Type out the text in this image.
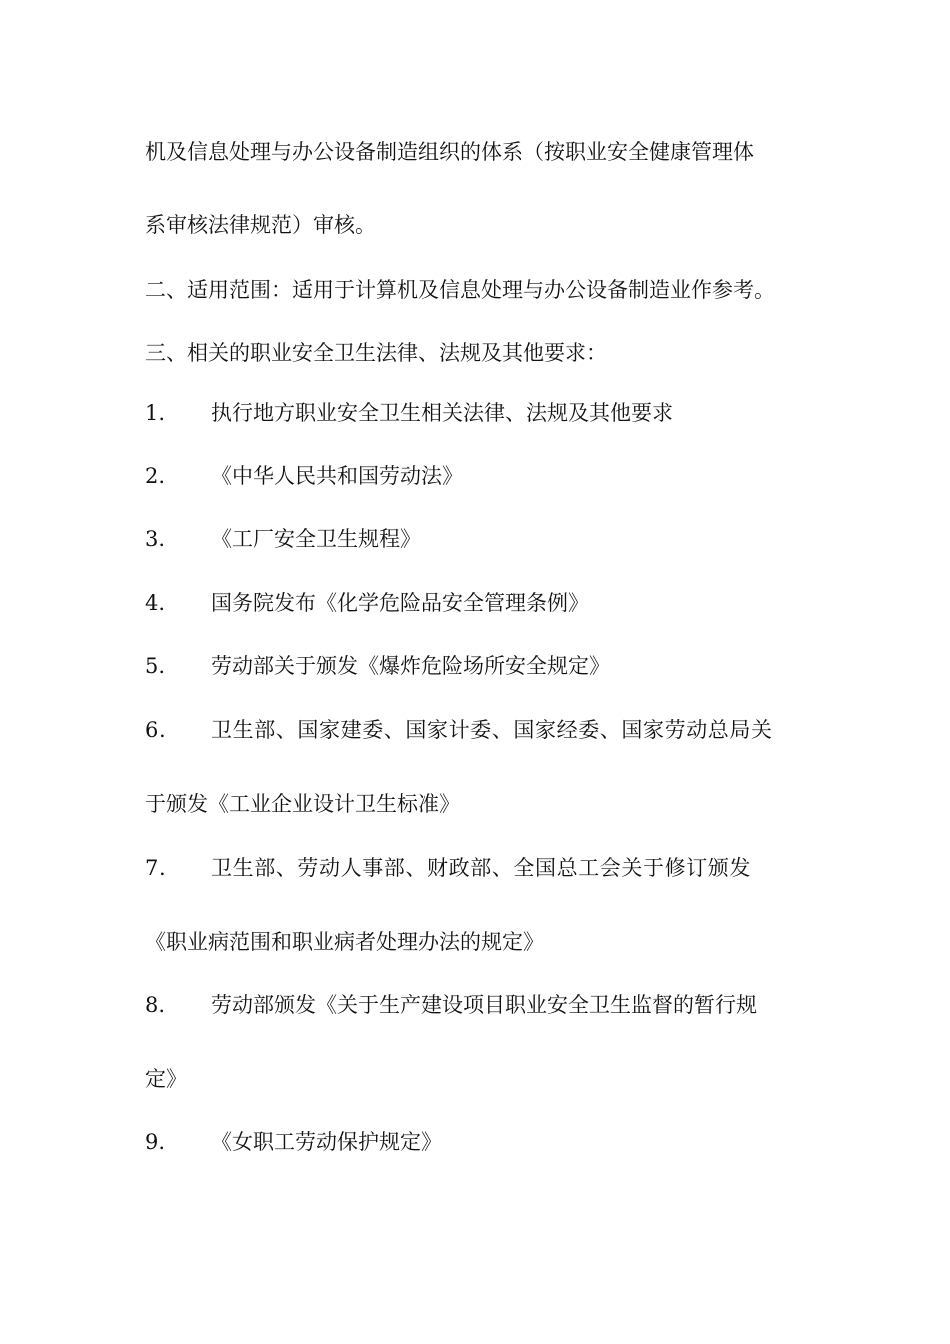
机及信息处理与办公设备制造组织的体系（按职业安全健康管理体
系审核法律规范）审核。
二、适用范围：适用于计算机及信息处理与办公设备制造业作参考。
三、相关的职业安全卫生法律、法规及其他要求：
1. 执行地方职业安全卫生相关法律、法规及其他要求
2. 《中华人民共和国劳动法》
3. 《工厂安全卫生规程》
4. 国务院发布《化学危险品安全管理条例》
5. 劳动部关于颁发《爆炸危险场所安全规定》
6. 卫生部、国家建委、国家计委、国家经委、国家劳动总局关
于颁发《工业企业设计卫生标准》
7. 卫生部、劳动人事部、财政部、全国总工会关于修订颁发
《职业病范围和职业病者处理办法的规定》
8. 劳动部颁发《关于生产建设项目职业安全卫生监督的暂行规
定》
9. 《女职工劳动保护规定》
